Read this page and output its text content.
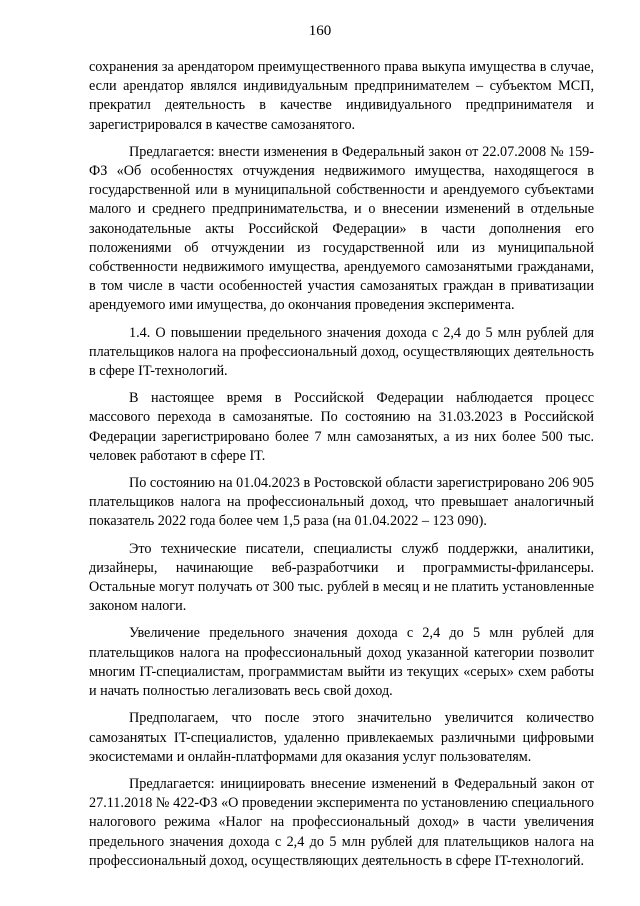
160

сохранения за арендатором преимущественного права выкупа имущества в случае, если арендатор являлся индивидуальным предпринимателем – субъектом МСП, прекратил деятельность в качестве индивидуального предпринимателя и зарегистрировался в качестве самозанятого.

Предлагается: внести изменения в Федеральный закон от 22.07.2008 № 159-ФЗ «Об особенностях отчуждения недвижимого имущества, находящегося в государственной или в муниципальной собственности и арендуемого субъектами малого и среднего предпринимательства, и о внесении изменений в отдельные законодательные акты Российской Федерации» в части дополнения его положениями об отчуждении из государственной или из муниципальной собственности недвижимого имущества, арендуемого самозанятыми гражданами, в том числе в части особенностей участия самозанятых граждан в приватизации арендуемого ими имущества, до окончания проведения эксперимента.

1.4. О повышении предельного значения дохода с 2,4 до 5 млн рублей для плательщиков налога на профессиональный доход, осуществляющих деятельность в сфере IT-технологий.

В настоящее время в Российской Федерации наблюдается процесс массового перехода в самозанятые. По состоянию на 31.03.2023 в Российской Федерации зарегистрировано более 7 млн самозанятых, а из них более 500 тыс. человек работают в сфере IT.

По состоянию на 01.04.2023 в Ростовской области зарегистрировано 206 905 плательщиков налога на профессиональный доход, что превышает аналогичный показатель 2022 года более чем 1,5 раза (на 01.04.2022 – 123 090).

Это технические писатели, специалисты служб поддержки, аналитики, дизайнеры, начинающие веб-разработчики и программисты-фрилансеры. Остальные могут получать от 300 тыс. рублей в месяц и не платить установленные законом налоги.

Увеличение предельного значения дохода с 2,4 до 5 млн рублей для плательщиков налога на профессиональный доход указанной категории позволит многим IT-специалистам, программистам выйти из текущих «серых» схем работы и начать полностью легализовать весь свой доход.

Предполагаем, что после этого значительно увеличится количество самозанятых IT-специалистов, удаленно привлекаемых различными цифровыми экосистемами и онлайн-платформами для оказания услуг пользователям.

Предлагается: инициировать внесение изменений в Федеральный закон от 27.11.2018 № 422-ФЗ «О проведении эксперимента по установлению специального налогового режима «Налог на профессиональный доход» в части увеличения предельного значения дохода с 2,4 до 5 млн рублей для плательщиков налога на профессиональный доход, осуществляющих деятельность в сфере IT-технологий.
